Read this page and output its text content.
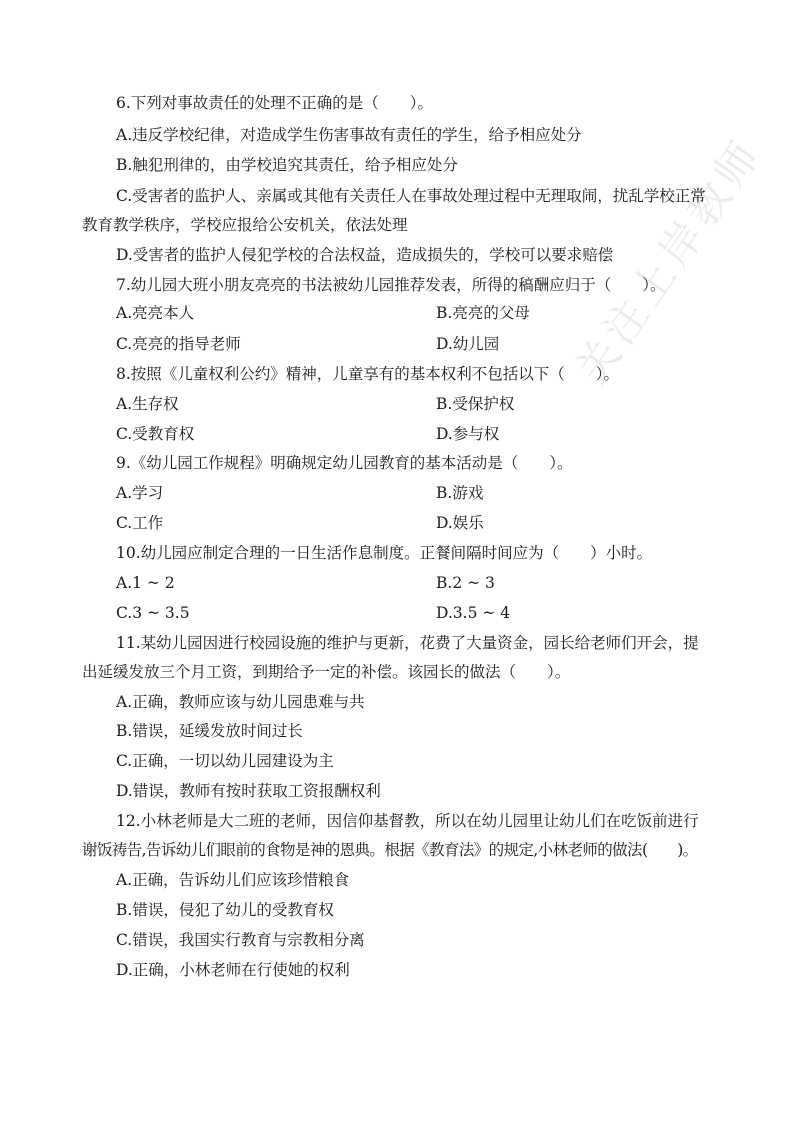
关注上岸教师
6.下列对事故责任的处理不正确的是（　　）。
A.违反学校纪律，对造成学生伤害事故有责任的学生，给予相应处分
B.触犯刑律的，由学校追究其责任，给予相应处分
C.受害者的监护人、亲属或其他有关责任人在事故处理过程中无理取闹，扰乱学校正常
教育教学秩序，学校应报给公安机关，依法处理
D.受害者的监护人侵犯学校的合法权益，造成损失的，学校可以要求赔偿
7.幼儿园大班小朋友亮亮的书法被幼儿园推荐发表，所得的稿酬应归于（　　）。
A.亮亮本人	B.亮亮的父母
C.亮亮的指导老师	D.幼儿园
8.按照《儿童权利公约》精神，儿童享有的基本权利不包括以下（　　）。
A.生存权	B.受保护权
C.受教育权	D.参与权
9.《幼儿园工作规程》明确规定幼儿园教育的基本活动是（　　）。
A.学习	B.游戏
C.工作	D.娱乐
10.幼儿园应制定合理的一日生活作息制度。正餐间隔时间应为（　　）小时。
A.1 ~ 2	B.2 ~ 3
C.3 ~ 3.5	D.3.5 ~ 4
11.某幼儿园因进行校园设施的维护与更新，花费了大量资金，园长给老师们开会，提
出延缓发放三个月工资，到期给予一定的补偿。该园长的做法（　　）。
A.正确，教师应该与幼儿园患难与共
B.错误，延缓发放时间过长
C.正确，一切以幼儿园建设为主
D.错误，教师有按时获取工资报酬权利
12.小林老师是大二班的老师，因信仰基督教，所以在幼儿园里让幼儿们在吃饭前进行
谢饭祷告,告诉幼儿们眼前的食物是神的恩典。根据《教育法》的规定,小林老师的做法(　　)。
A.正确，告诉幼儿们应该珍惜粮食
B.错误，侵犯了幼儿的受教育权
C.错误，我国实行教育与宗教相分离
D.正确，小林老师在行使她的权利
